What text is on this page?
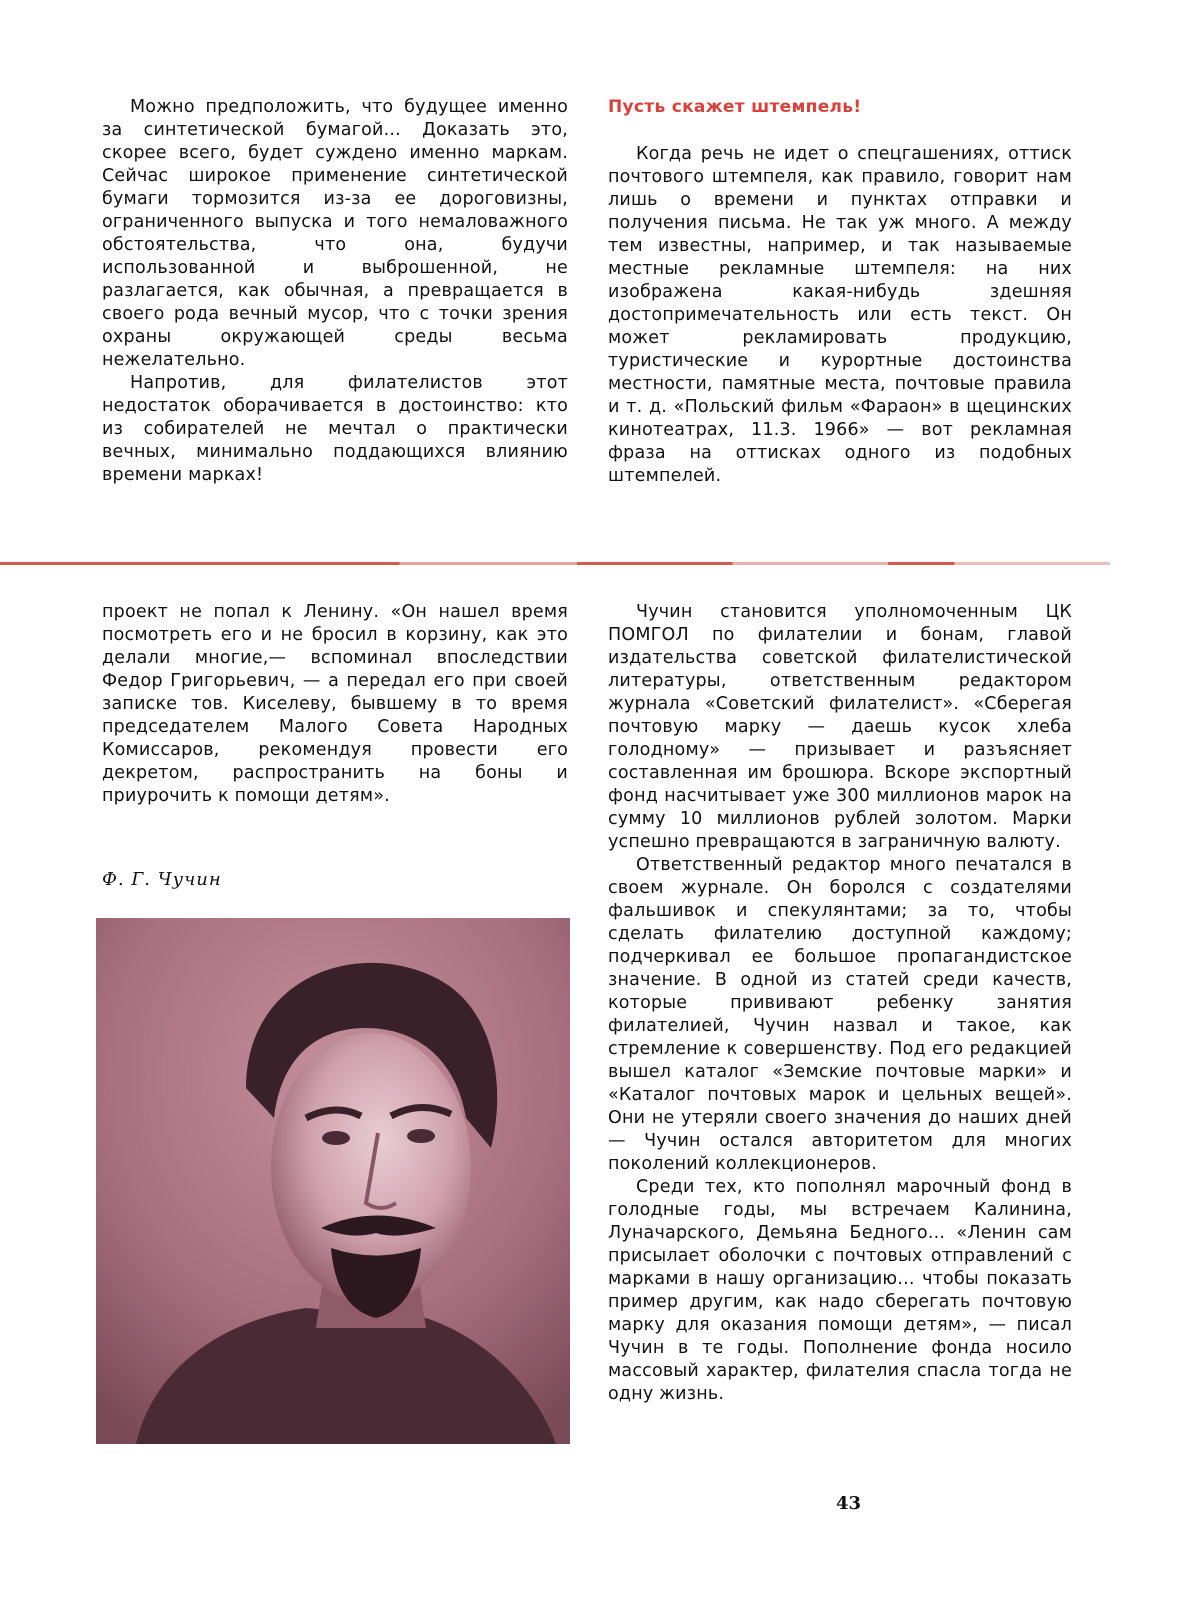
Можно предположить, что будущее именно за синтетической бумагой... Доказать это, скорее всего, будет суждено именно маркам. Сейчас широкое применение синтетической бумаги тормозится из-за ее дороговизны, ограниченного выпуска и того немаловажного обстоятельства, что она, будучи использованной и выброшенной, не разлагается, как обычная, а превращается в своего рода вечный мусор, что с точки зрения охраны окружающей среды весьма нежелательно.

Напротив, для филателистов этот недостаток оборачивается в достоинство: кто из собирателей не мечтал о практически вечных, минимально поддающихся влиянию времени марках!

Пусть скажет штемпель!

Когда речь не идет о спецгашениях, оттиск почтового штемпеля, как правило, говорит нам лишь о времени и пунктах отправки и получения письма. Не так уж много. А между тем известны, например, и так называемые местные рекламные штемпеля: на них изображена какая-нибудь здешняя достопримечательность или есть текст. Он может рекламировать продукцию, туристические и курортные достоинства местности, памятные места, почтовые правила и т. д. «Польский фильм «Фараон» в щецинских кинотеатрах, 11.3. 1966» — вот рекламная фраза на оттисках одного из подобных штемпелей.

проект не попал к Ленину. «Он нашел время посмотреть его и не бросил в корзину, как это делали многие,— вспоминал впоследствии Федор Григорьевич, — а передал его при своей записке тов. Киселеву, бывшему в то время председателем Малого Совета Народных Комиссаров, рекомендуя провести его декретом, распространить на боны и приурочить к помощи детям».

Ф. Г. Чучин

Чучин становится уполномоченным ЦК ПОМГОЛ по филателии и бонам, главой издательства советской филателистической литературы, ответственным редактором журнала «Советский филателист». «Сберегая почтовую марку — даешь кусок хлеба голодному» — призывает и разъясняет составленная им брошюра. Вскоре экспортный фонд насчитывает уже 300 миллионов марок на сумму 10 миллионов рублей золотом. Марки успешно превращаются в заграничную валюту.

Ответственный редактор много печатался в своем журнале. Он боролся с создателями фальшивок и спекулянтами; за то, чтобы сделать филателию доступной каждому; подчеркивал ее большое пропагандистское значение. В одной из статей среди качеств, которые прививают ребенку занятия филателией, Чучин назвал и такое, как стремление к совершенству. Под его редакцией вышел каталог «Земские почтовые марки» и «Каталог почтовых марок и цельных вещей». Они не утеряли своего значения до наших дней— Чучин остался авторитетом для многих поколений коллекционеров.

Среди тех, кто пополнял марочный фонд в голодные годы, мы встречаем Калинина, Луначарского, Демьяна Бедного... «Ленин сам присылает оболочки с почтовых отправлений с марками в нашу организацию... чтобы показать пример другим, как надо сберегать почтовую марку для оказания помощи детям», — писал Чучин в те годы. Пополнение фонда носило массовый характер, филателия спасла тогда не одну жизнь.

43
